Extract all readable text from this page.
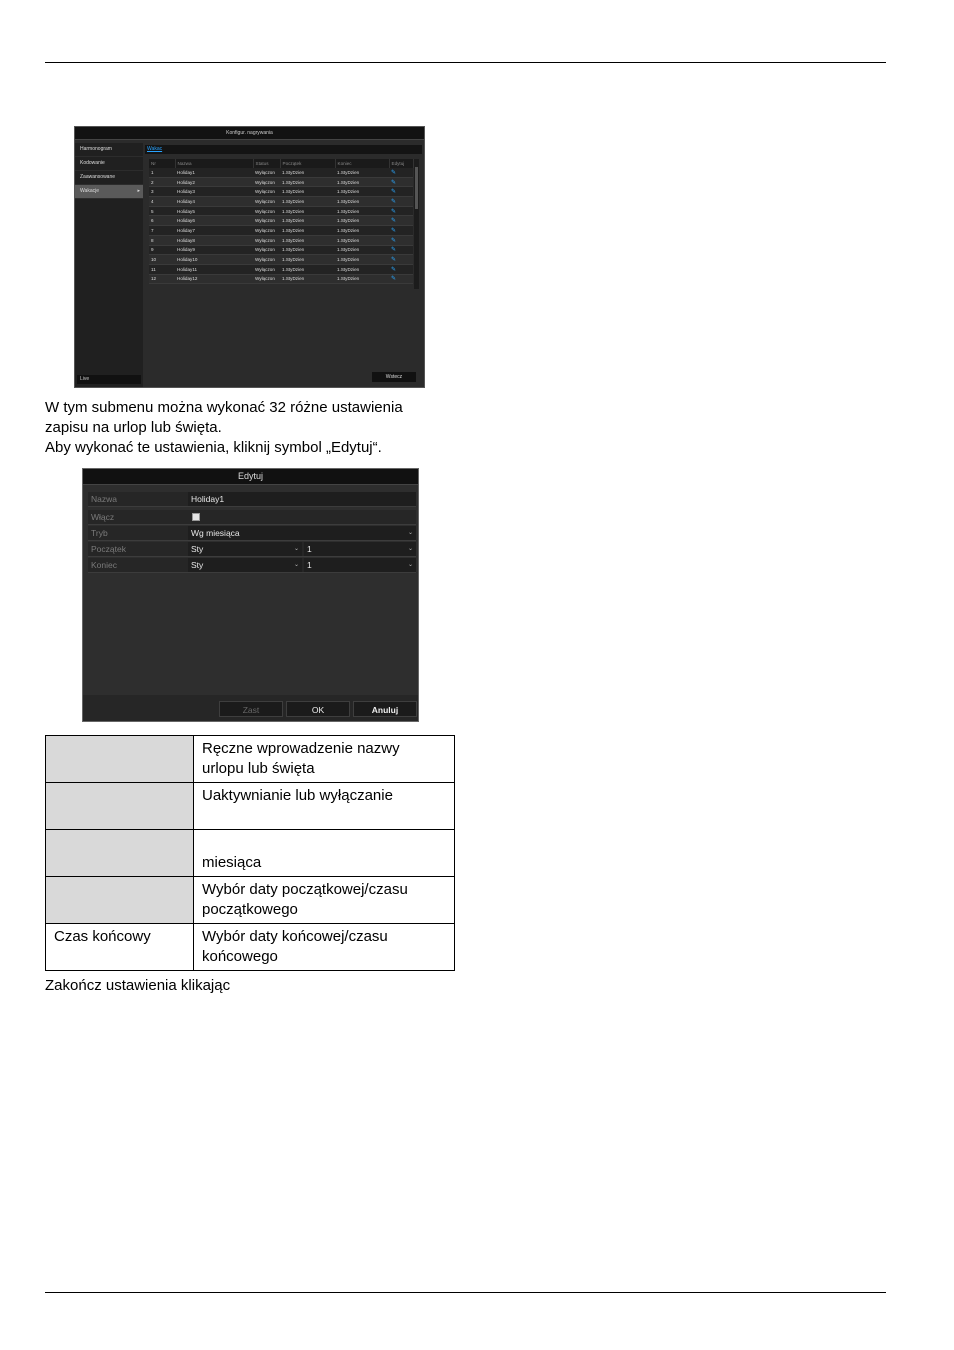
Konfigur. nagrywania
Harmonogram
Kodowanie
Zaawansowane
Wakacje ▸
Live
Wakac
Nr	Nazwa	Status	Początek	Koniec	Edytuj
1	Holiday1	Wyłączon	1.StyDzien	1.StyDzien	✎
2	Holiday2	Wyłączon	1.StyDzien	1.StyDzien	✎
3	Holiday3	Wyłączon	1.StyDzien	1.StyDzien	✎
4	Holiday4	Wyłączon	1.StyDzien	1.StyDzien	✎
5	Holiday5	Wyłączon	1.StyDzien	1.StyDzien	✎
6	Holiday6	Wyłączon	1.StyDzien	1.StyDzien	✎
7	Holiday7	Wyłączon	1.StyDzien	1.StyDzien	✎
8	Holiday8	Wyłączon	1.StyDzien	1.StyDzien	✎
9	Holiday9	Wyłączon	1.StyDzien	1.StyDzien	✎
10	Holiday10	Wyłączon	1.StyDzien	1.StyDzien	✎
11	Holiday11	Wyłączon	1.StyDzien	1.StyDzien	✎
12	Holiday12	Wyłączon	1.StyDzien	1.StyDzien	✎
Wstecz
W tym submenu można wykonać 32 różne ustawienia
zapisu na urlop lub święta.
Aby wykonać te ustawienia, kliknij symbol „Edytuj“.
Edytuj
Nazwa	Holiday1
Włącz
Tryb	Wg miesiąca	⌄
Początek	Sty	⌄ 1	⌄
Koniec	Sty	⌄ 1	⌄
Zast	OK	Anuluj

	Ręczne wprowadzenie nazwy
urlopu lub święta

	Uaktywnianie lub wyłączanie

	miesiąca

	Wybór daty początkowej/czasu
początkowego

Czas końcowy	Wybór daty końcowej/czasu
końcowego
Zakończ ustawienia klikając
